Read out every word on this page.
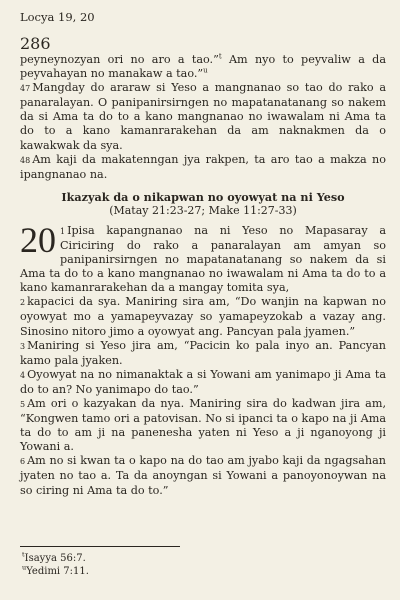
Locya 19, 20
286

peyneynozyan ori no aro a tao.”$^t$ Am nyo to peyvaliw a da peyvahayan no manakaw a tao.”$^u$

47 Mangday do araraw si Yeso a mangnanao so tao do rako a panaralayan. O panipanirsirngen no mapatanatanang so nakem da si Ama ta do to a kano mangnanao no iwawalam ni Ama ta do to a kano kamanrarakehan da am naknakmen da o kawakwak da sya.

48 Am kaji da makatenngan jya rakpen, ta aro tao a makza no ipangnanao na.

Ikazyak da o nikapwan no oyowyat na ni Yeso
(Matay 21:23-27; Make 11:27-33)

20 1 Ipisa kapangnanao na ni Yeso no Mapasaray a Ciriciring do rako a panaralayan am amyan so panipanirsirngen no mapatanatanang so nakem da si Ama ta do to a kano mangnanao no iwawalam ni Ama ta do to a kano kamanrarakehan da a mangay tomita sya,

2 kapacici da sya. Maniring sira am, “Do wanjin na kapwan no oyowyat mo a yamapeyvazay so yamapeyzokab a vazay ang. Sinosino nitoro jimo a oyowyat ang. Pancyan pala jyamen.”

3 Maniring si Yeso jira am, “Pacicin ko pala inyo an. Pancyan kamo pala jyaken.

4 Oyowyat na no nimanaktak a si Yowani am yanimapo ji Ama ta do to an? No yanimapo do tao.”

5 Am ori o kazyakan da nya. Maniring sira do kadwan jira am, “Kongwen tamo ori a patovisan. No si ipanci ta o kapo na ji Ama ta do to am ji na panenesha yaten ni Yeso a ji nganoyong ji Yowani a.

6 Am no si kwan ta o kapo na do tao am jyabo kaji da ngagsahan jyaten no tao a. Ta da anoyngan si Yowani a panoyonoywan na so ciring ni Ama ta do to.”

$^t$Isayya 56:7.
$^u$Yedimi 7:11.
